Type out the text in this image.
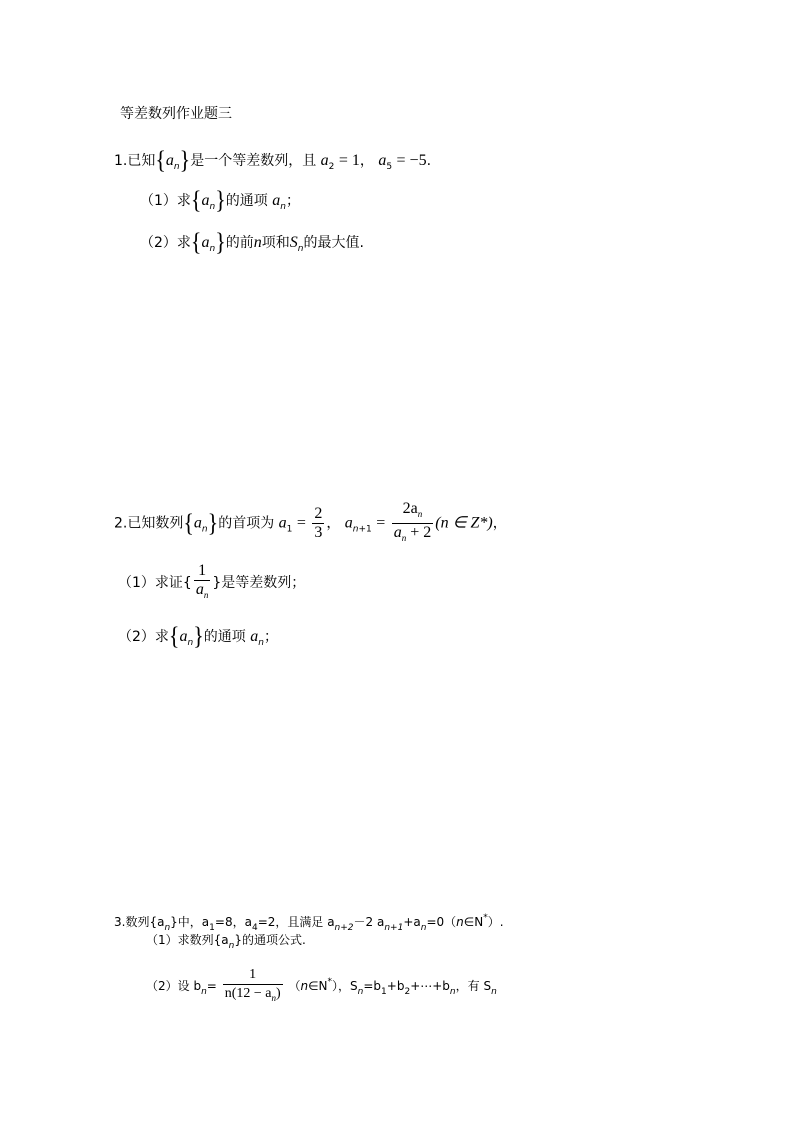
等差数列作业题三
1.已知$\{a_n\}$是一个等差数列，且 $a_2 = 1$， $a_5 = -5$.
（1）求$\{a_n\}$的通项 $a_n$；
（2）求$\{a_n\}$的前n项和$S_n$的最大值.
2.已知数列$\{a_n\}$的首项为 $a_1 = \frac{2}{3}$ ， $a_{n+1} = \frac{2a_n}{a_n + 2} (n$ ∈ Z*)，
（1）求证{ $\frac{1}{a_n}$ }是等差数列；
（2）求$\{a_n\}$的通项 $a_n$；
3.数列$\{a_n\}$中，$a_1=8$，$a_4=2$，且满足 $a_{n+2}-2$ $a_{n+1}+a_n=0(n\in N^*)$.
（1）求数列$\{a_n\}$的通项公式.
（2）设 $b_n= \frac{1}{n(12 - a_n)}$ （n∈N*），$S_n=b_1+b_2+\cdots+b_n$，有 $S_n$
